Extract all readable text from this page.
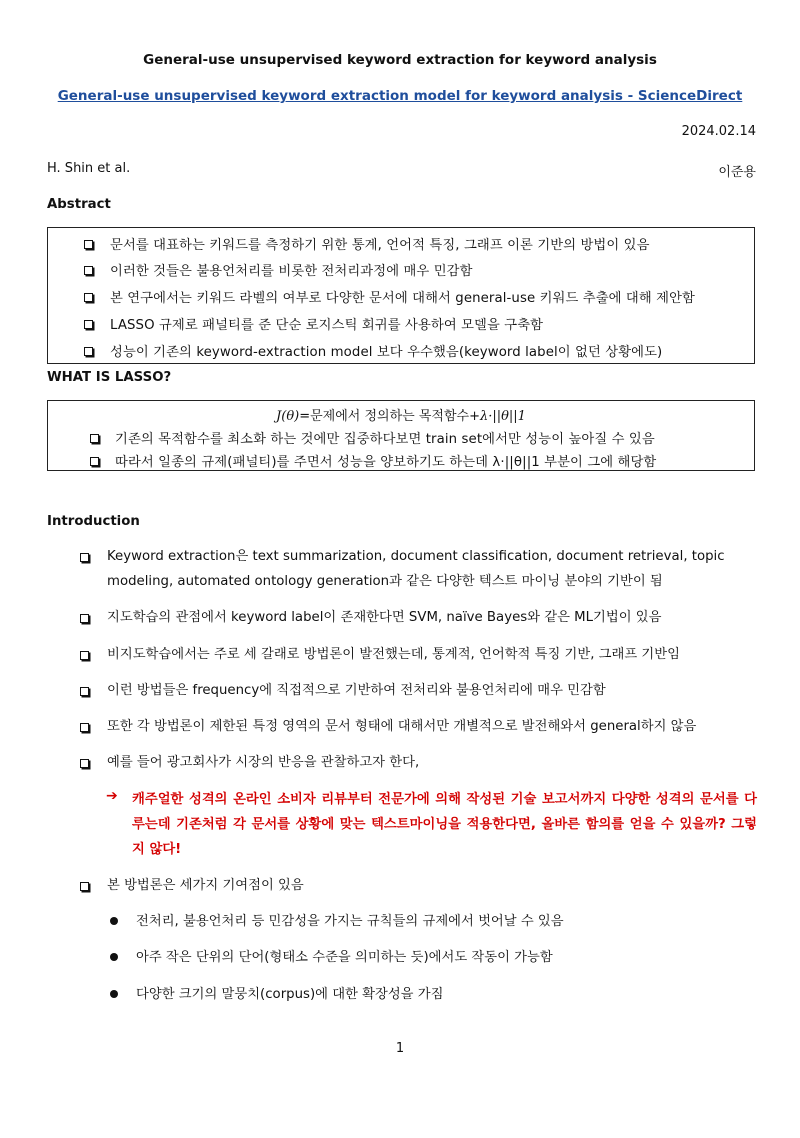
General-use unsupervised keyword extraction for keyword analysis
General-use unsupervised keyword extraction model for keyword analysis - ScienceDirect
2024.02.14
H. Shin et al.	이준용
Abstract
문서를 대표하는 키워드를 측정하기 위한 통계, 언어적 특징, 그래프 이론 기반의 방법이 있음
이러한 것들은 불용언처리를 비롯한 전처리과정에 매우 민감함
본 연구에서는 키워드 라벨의 여부로 다양한 문서에 대해서 general-use 키워드 추출에 대해 제안함
LASSO 규제로 패널티를 준 단순 로지스틱 회귀를 사용하여 모델을 구축함
성능이 기존의 keyword-extraction model 보다 우수했음(keyword label이 없던 상황에도)
WHAT IS LASSO?
J(θ)=문제에서 정의하는 목적함수+λ·||θ||1
기존의 목적함수를 최소화 하는 것에만 집중하다보면 train set에서만 성능이 높아질 수 있음
따라서 일종의 규제(패널티)를 주면서 성능을 양보하기도 하는데 λ·||θ||1 부분이 그에 해당함
Introduction
Keyword extraction은 text summarization, document classification, document retrieval, topic modeling, automated ontology generation과 같은 다양한 텍스트 마이닝 분야의 기반이 됨
지도학습의 관점에서 keyword label이 존재한다면 SVM, naïve Bayes와 같은 ML기법이 있음
비지도학습에서는 주로 세 갈래로 방법론이 발전했는데, 통계적, 언어학적 특징 기반, 그래프 기반임
이런 방법들은 frequency에 직접적으로 기반하여 전처리와 불용언처리에 매우 민감함
또한 각 방법론이 제한된 특정 영역의 문서 형태에 대해서만 개별적으로 발전해와서 general하지 않음
예를 들어 광고회사가 시장의 반응을 관찰하고자 한다,
➔ 캐주얼한 성격의 온라인 소비자 리뷰부터 전문가에 의해 작성된 기술 보고서까지 다양한 성격의 문서를 다루는데 기존처럼 각 문서를 상황에 맞는 텍스트마이닝을 적용한다면, 올바른 함의를 얻을 수 있을까? 그렇지 않다!
본 방법론은 세가지 기여점이 있음
전처리, 불용언처리 등 민감성을 가지는 규칙들의 규제에서 벗어날 수 있음
아주 작은 단위의 단어(형태소 수준을 의미하는 듯)에서도 작동이 가능함
다양한 크기의 말뭉치(corpus)에 대한 확장성을 가짐
1
